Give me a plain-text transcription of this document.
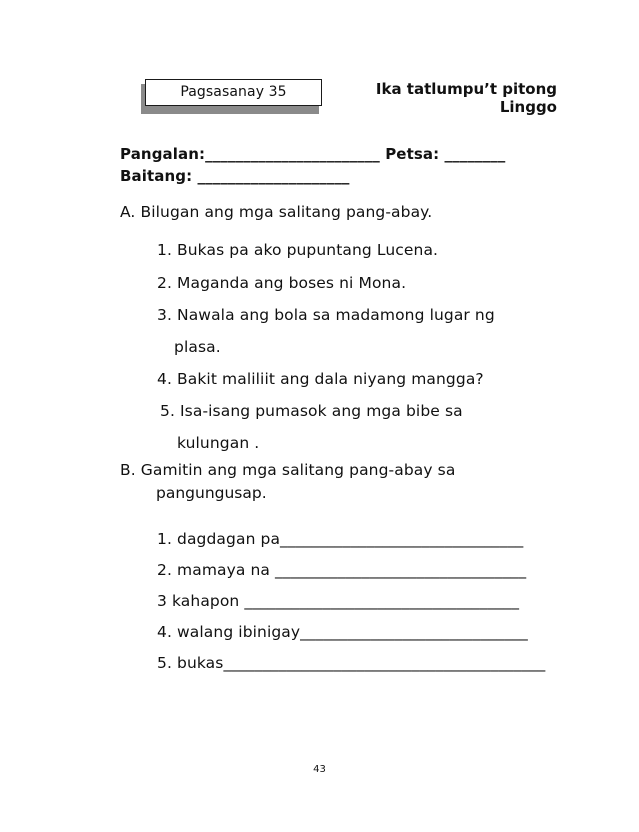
Pagsasanay 35	Ika tatlumpu’t pitong
Linggo
Pangalan:_______________________ Petsa: ________
Baitang: ____________________
A. Bilugan ang mga salitang pang-abay.
1. Bukas pa ako pupuntang Lucena.
2. Maganda ang boses ni Mona.
3. Nawala ang bola sa madamong lugar ng
plasa.
4. Bakit maliliit ang dala niyang mangga?
5. Isa-isang pumasok ang mga bibe sa
kulungan .
B. Gamitin ang mga salitang pang-abay sa
pangungusap.
1. dagdagan pa_______________________________
2. mamaya na ________________________________
3 kahapon ___________________________________
4. walang ibinigay_____________________________
5. bukas_________________________________________
43
